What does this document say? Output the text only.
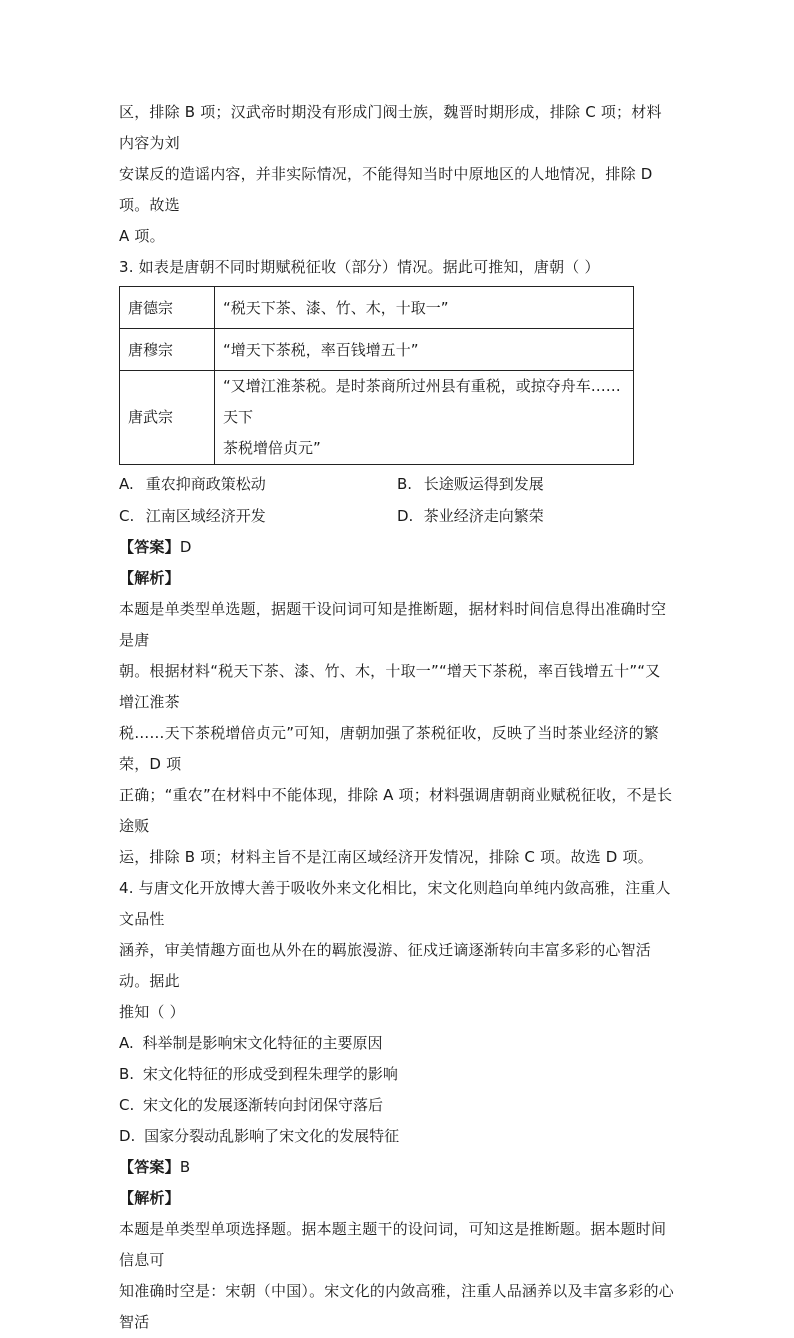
区，排除 B 项；汉武帝时期没有形成门阀士族，魏晋时期形成，排除 C 项；材料内容为刘

安谋反的造谣内容，并非实际情况，不能得知当时中原地区的人地情况，排除 D 项。故选

A 项。

3. 如表是唐朝不同时期赋税征收（部分）情况。据此可推知，唐朝（ ）

唐德宗	“税天下茶、漆、竹、木，十取一”
唐穆宗	“增天下茶税，率百钱增五十”
唐武宗	“又增江淮茶税。是时茶商所过州县有重税，或掠夺舟车……天下
茶税增倍贞元”
A. 重农抑商政策松动	B. 长途贩运得到发展
C. 江南区域经济开发	D. 茶业经济走向繁荣

【答案】D

【解析】

本题是单类型单选题，据题干设问词可知是推断题，据材料时间信息得出准确时空是唐

朝。根据材料“税天下茶、漆、竹、木，十取一”“增天下茶税，率百钱增五十”“又增江淮茶

税……天下茶税增倍贞元”可知，唐朝加强了茶税征收，反映了当时茶业经济的繁荣，D 项

正确；“重农”在材料中不能体现，排除 A 项；材料强调唐朝商业赋税征收，不是长途贩

运，排除 B 项；材料主旨不是江南区域经济开发情况，排除 C 项。故选 D 项。

4. 与唐文化开放博大善于吸收外来文化相比，宋文化则趋向单纯内敛高雅，注重人文品性

涵养，审美情趣方面也从外在的羁旅漫游、征戍迁谪逐渐转向丰富多彩的心智活动。据此

推知（ ）

A. 科举制是影响宋文化特征的主要原因
B. 宋文化特征的形成受到程朱理学的影响
C. 宋文化的发展逐渐转向封闭保守落后
D. 国家分裂动乱影响了宋文化的发展特征

【答案】B

【解析】

本题是单类型单项选择题。据本题主题干的设问词，可知这是推断题。据本题时间信息可

知准确时空是：宋朝（中国）。宋文化的内敛高雅，注重人品涵养以及丰富多彩的心智活
